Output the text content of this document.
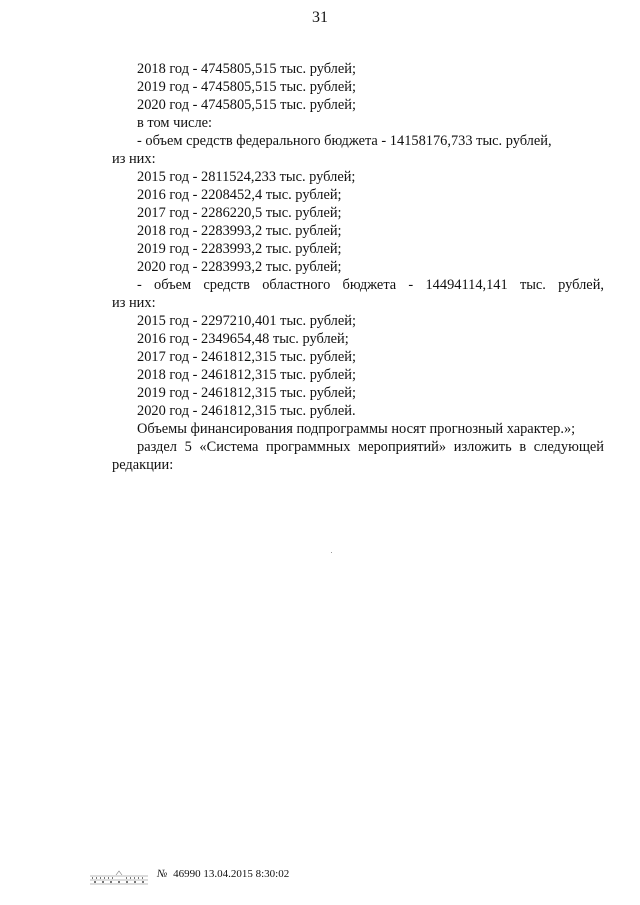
31
2018 год - 4745805,515 тыс. рублей;
2019 год - 4745805,515 тыс. рублей;
2020 год - 4745805,515 тыс. рублей;
в том числе:
- объем средств федерального бюджета - 14158176,733 тыс. рублей,
из них:
2015 год - 2811524,233 тыс. рублей;
2016 год - 2208452,4 тыс. рублей;
2017 год - 2286220,5 тыс. рублей;
2018 год - 2283993,2 тыс. рублей;
2019 год - 2283993,2 тыс. рублей;
2020 год - 2283993,2 тыс. рублей;
- объем средств областного бюджета - 14494114,141 тыс. рублей,
из них:
2015 год - 2297210,401 тыс. рублей;
2016 год - 2349654,48 тыс. рублей;
2017 год - 2461812,315 тыс. рублей;
2018 год - 2461812,315 тыс. рублей;
2019 год - 2461812,315 тыс. рублей;
2020 год - 2461812,315 тыс. рублей.
Объемы финансирования подпрограммы носят прогнозный характер.»;
раздел 5 «Система программных мероприятий» изложить в следующей
редакции:
№ 46990 13.04.2015 8:30:02
